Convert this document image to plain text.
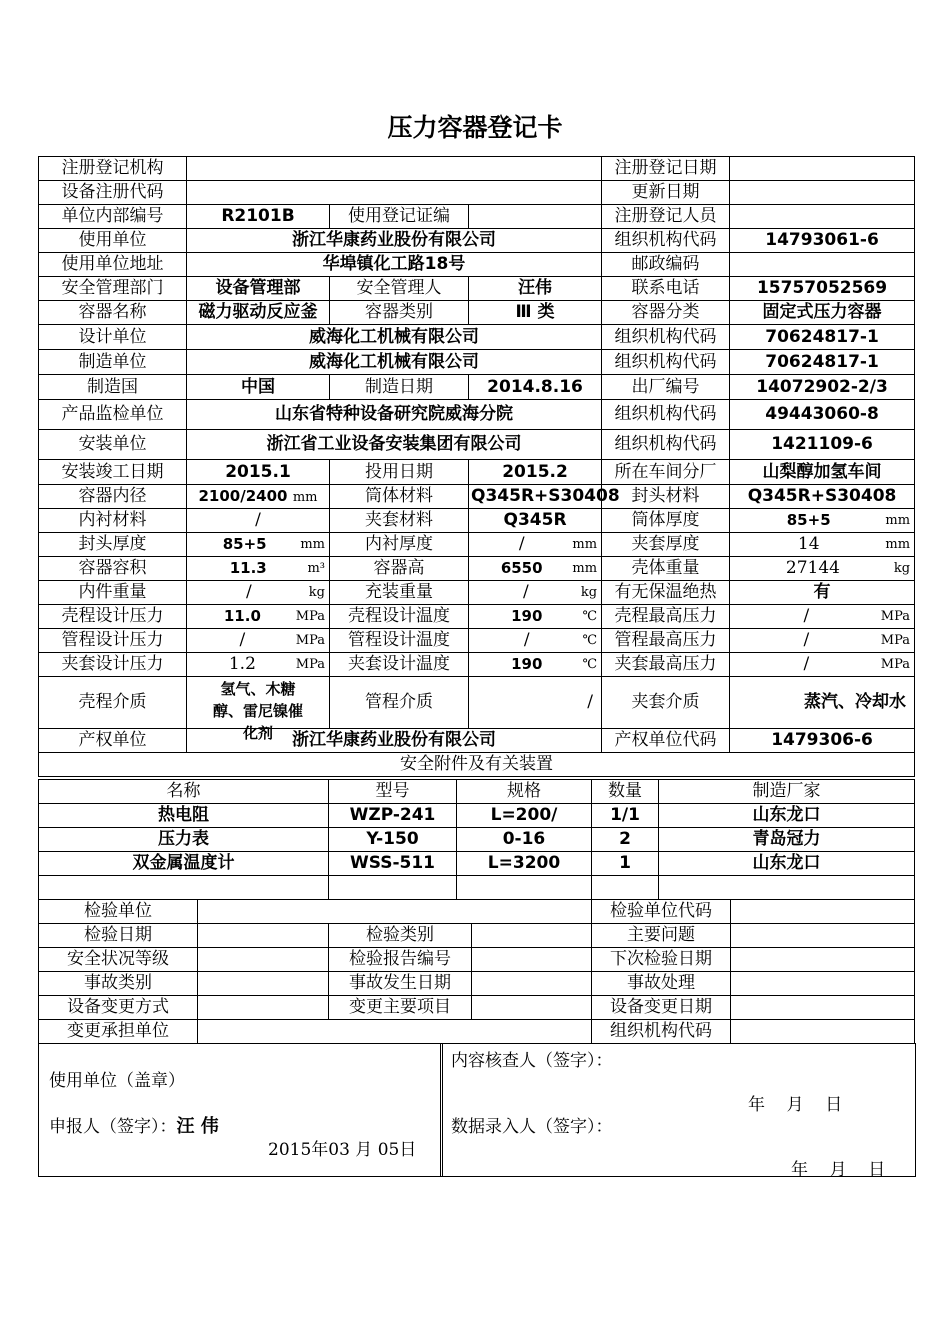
压力容器登记卡
注册登记机构				注册登记日期	
设备注册代码				更新日期	
单位内部编号	R2101B	使用登记证编		注册登记人员	
使用单位	浙江华康药业股份有限公司			组织机构代码	14793061-6
使用单位地址	华埠镇化工路18号			邮政编码	
安全管理部门	设备管理部	安全管理人	汪伟	联系电话	15757052569
容器名称	磁力驱动反应釜	容器类别	Ⅲ 类	容器分类	固定式压力容器
设计单位	威海化工机械有限公司			组织机构代码	70624817-1
制造单位	威海化工机械有限公司			组织机构代码	70624817-1
制造国	中国	制造日期	2014.8.16	出厂编号	14072902-2/3
产品监检单位	山东省特种设备研究院威海分院			组织机构代码	49443060-8
安装单位	浙江省工业设备安装集团有限公司			组织机构代码	1421109-6
安装竣工日期	2015.1	投用日期	2015.2	所在车间分厂	山梨醇加氢车间
容器内径	2100/2400 mm	筒体材料	Q345R+S30408	封头材料	Q345R+S30408
内衬材料	/	夹套材料	Q345R	筒体厚度	85+5 mm

封头厚度	85+5 mm	内衬厚度	/ mm	夹套厚度	14 mm

容器容积	11.3 m³	容器高	6550 mm	壳体重量	27144 kg

内件重量	/ kg	充装重量	/ kg	有无保温绝热	有
壳程设计压力	11.0 MPa	壳程设计温度	190 ℃	壳程最高压力	/ MPa

管程设计压力	/ MPa	管程设计温度	/ ℃	管程最高压力	/ MPa

夹套设计压力	1.2 MPa	夹套设计温度	190 ℃	夹套最高压力	/ MPa

壳程介质	氢气、木糖
醇、雷尼镍催
化剂	管程介质	/	夹套介质	蒸汽、冷却水
产权单位	浙江华康药业股份有限公司			产权单位代码	1479306-6
安全附件及有关装置					
名称	型号	规格	数量	制造厂家
热电阻	WZP-241	L=200/	1/1	山东龙口
压力表	Y-150	0-16	2	青岛冠力
双金属温度计	WSS-511	L=3200	1	山东龙口

检验单位				检验单位代码	
检验日期		检验类别		主要问题	
安全状况等级		检验报告编号		下次检验日期	
事故类别		事故发生日期		事故处理	
设备变更方式		变更主要项目		设备变更日期	
变更承担单位				组织机构代码	
使用单位（盖章）
申报人（签字）：汪 伟
2015年03 月 05日
内容核查人（签字）：
年    月    日
数据录入人（签字）：
年    月    日
